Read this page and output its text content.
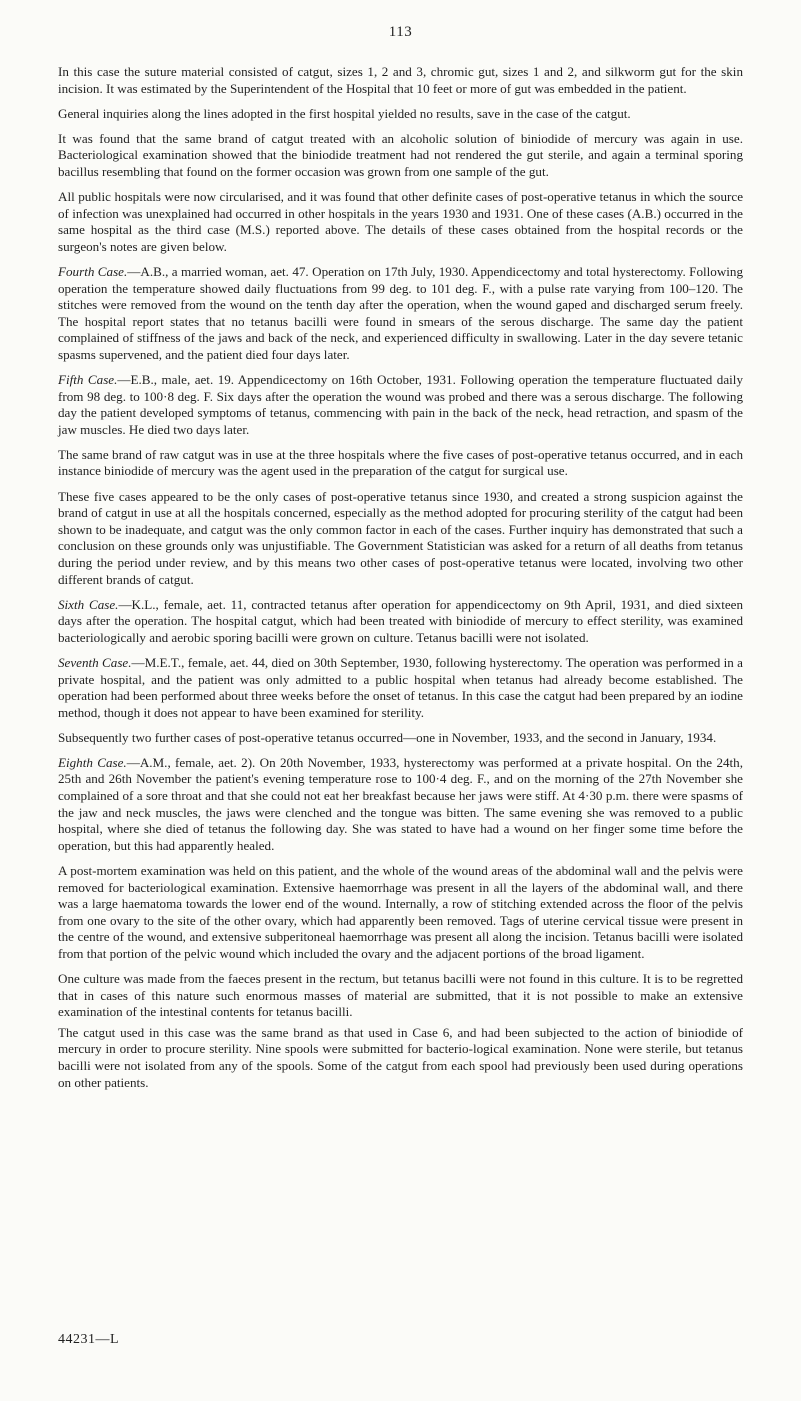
113

In this case the suture material consisted of catgut, sizes 1, 2 and 3, chromic gut, sizes 1 and 2, and silkworm gut for the skin incision. It was estimated by the Superintendent of the Hospital that 10 feet or more of gut was embedded in the patient.

General inquiries along the lines adopted in the first hospital yielded no results, save in the case of the catgut.

It was found that the same brand of catgut treated with an alcoholic solution of biniodide of mercury was again in use. Bacteriological examination showed that the biniodide treatment had not rendered the gut sterile, and again a terminal sporing bacillus resembling that found on the former occasion was grown from one sample of the gut.

All public hospitals were now circularised, and it was found that other definite cases of post-operative tetanus in which the source of infection was unexplained had occurred in other hospitals in the years 1930 and 1931. One of these cases (A.B.) occurred in the same hospital as the third case (M.S.) reported above. The details of these cases obtained from the hospital records or the surgeon's notes are given below.

Fourth Case.—A.B., a married woman, aet. 47. Operation on 17th July, 1930. Appendicectomy and total hysterectomy. Following operation the temperature showed daily fluctuations from 99 deg. to 101 deg. F., with a pulse rate varying from 100–120. The stitches were removed from the wound on the tenth day after the operation, when the wound gaped and discharged serum freely. The hospital report states that no tetanus bacilli were found in smears of the serous discharge. The same day the patient complained of stiffness of the jaws and back of the neck, and experienced difficulty in swallowing. Later in the day severe tetanic spasms supervened, and the patient died four days later.

Fifth Case.—E.B., male, aet. 19. Appendicectomy on 16th October, 1931. Following operation the temperature fluctuated daily from 98 deg. to 100·8 deg. F. Six days after the operation the wound was probed and there was a serous discharge. The following day the patient developed symptoms of tetanus, commencing with pain in the back of the neck, head retraction, and spasm of the jaw muscles. He died two days later.

The same brand of raw catgut was in use at the three hospitals where the five cases of post-operative tetanus occurred, and in each instance biniodide of mercury was the agent used in the preparation of the catgut for surgical use.

These five cases appeared to be the only cases of post-operative tetanus since 1930, and created a strong suspicion against the brand of catgut in use at all the hospitals concerned, especially as the method adopted for procuring sterility of the catgut had been shown to be inadequate, and catgut was the only common factor in each of the cases. Further inquiry has demonstrated that such a conclusion on these grounds only was unjustifiable. The Government Statistician was asked for a return of all deaths from tetanus during the period under review, and by this means two other cases of post-operative tetanus were located, involving two other different brands of catgut.

Sixth Case.—K.L., female, aet. 11, contracted tetanus after operation for appendicectomy on 9th April, 1931, and died sixteen days after the operation. The hospital catgut, which had been treated with biniodide of mercury to effect sterility, was examined bacteriologically and aerobic sporing bacilli were grown on culture. Tetanus bacilli were not isolated.

Seventh Case.—M.E.T., female, aet. 44, died on 30th September, 1930, following hysterectomy. The operation was performed in a private hospital, and the patient was only admitted to a public hospital when tetanus had already become established. The operation had been performed about three weeks before the onset of tetanus. In this case the catgut had been prepared by an iodine method, though it does not appear to have been examined for sterility.

Subsequently two further cases of post-operative tetanus occurred—one in November, 1933, and the second in January, 1934.

Eighth Case.—A.M., female, aet. 2). On 20th November, 1933, hysterectomy was performed at a private hospital. On the 24th, 25th and 26th November the patient's evening temperature rose to 100·4 deg. F., and on the morning of the 27th November she complained of a sore throat and that she could not eat her breakfast because her jaws were stiff. At 4·30 p.m. there were spasms of the jaw and neck muscles, the jaws were clenched and the tongue was bitten. The same evening she was removed to a public hospital, where she died of tetanus the following day. She was stated to have had a wound on her finger some time before the operation, but this had apparently healed.

A post-mortem examination was held on this patient, and the whole of the wound areas of the abdominal wall and the pelvis were removed for bacteriological examination. Extensive haemorrhage was present in all the layers of the abdominal wall, and there was a large haematoma towards the lower end of the wound. Internally, a row of stitching extended across the floor of the pelvis from one ovary to the site of the other ovary, which had apparently been removed. Tags of uterine cervical tissue were present in the centre of the wound, and extensive subperitoneal haemorrhage was present all along the incision. Tetanus bacilli were isolated from that portion of the pelvic wound which included the ovary and the adjacent portions of the broad ligament.

One culture was made from the faeces present in the rectum, but tetanus bacilli were not found in this culture. It is to be regretted that in cases of this nature such enormous masses of material are submitted, that it is not possible to make an extensive examination of the intestinal contents for tetanus bacilli.

The catgut used in this case was the same brand as that used in Case 6, and had been subjected to the action of biniodide of mercury in order to procure sterility. Nine spools were submitted for bacterio-logical examination. None were sterile, but tetanus bacilli were not isolated from any of the spools. Some of the catgut from each spool had previously been used during operations on other patients.

44231—L
